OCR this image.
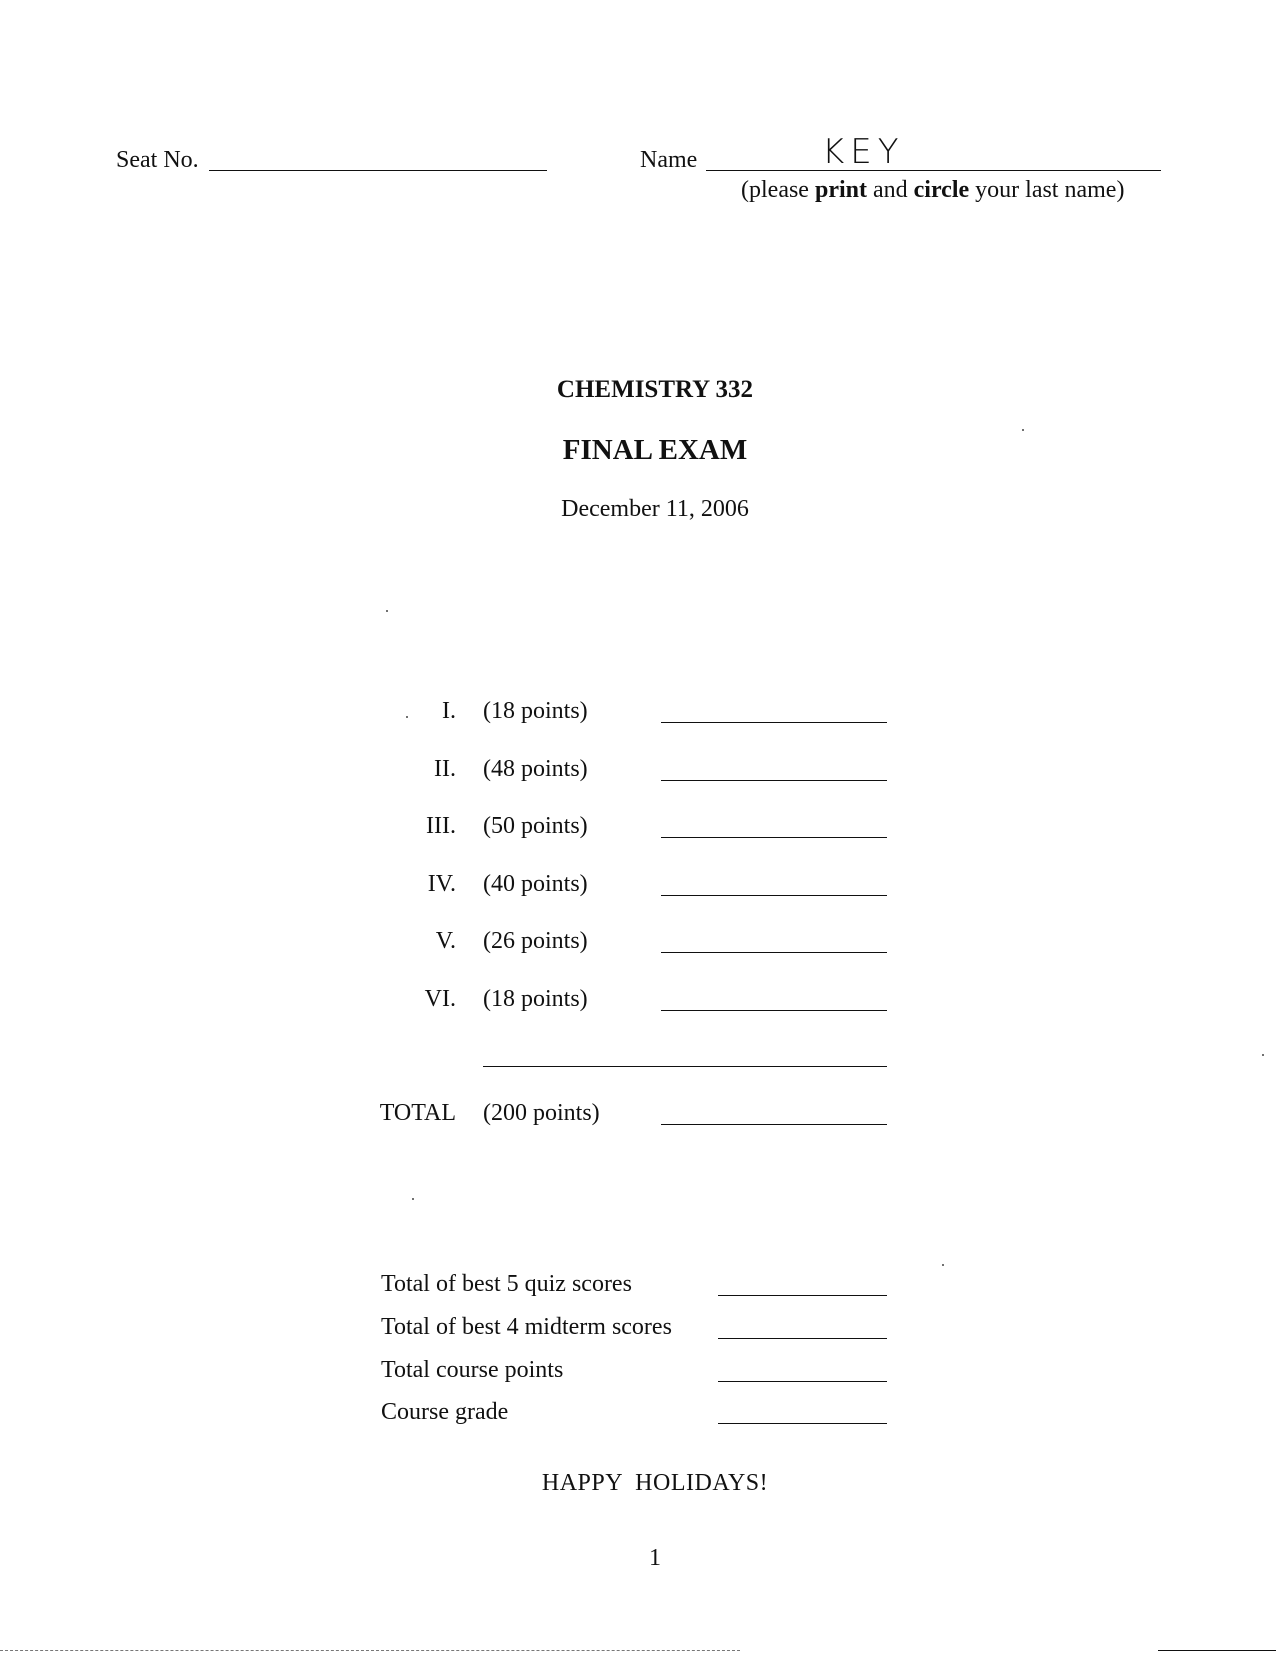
Seat No.	Name	KEY
(please print and circle your last name)
CHEMISTRY 332
FINAL EXAM
December 11, 2006
I. (18 points)
II. (48 points)
III. (50 points)
IV. (40 points)
V. (26 points)
VI. (18 points)
TOTAL (200 points)
Total of best 5 quiz scores
Total of best 4 midterm scores
Total course points
Course grade
HAPPY  HOLIDAYS!
1
